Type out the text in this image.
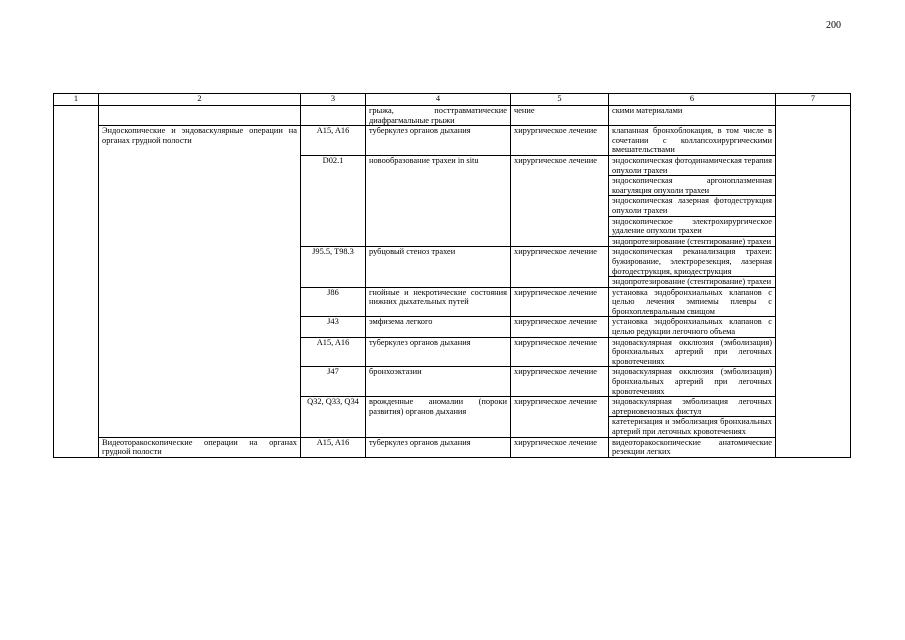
200
1	2	3	4	5	6	7
			грыжа, посттравматические диафрагмальные грыжи	чение	скими материалами	
	Эндоскопические и эндоваскулярные операции на органах грудной полости	A15, A16	туберкулез органов дыхания	хирургическое лечение	клапанная бронхоблокация, в том числе в сочетании с коллапсохирургическими вмешательствами	
		D02.1	новообразование трахеи in situ	хирургическое лечение	эндоскопическая фотодинамическая терапия опухоли трахеи	
					эндоскопическая аргоноплазменная коагуляция опухоли трахеи	
					эндоскопическая лазерная фотодеструкция опухоли трахеи	
					эндоскопическое электрохирургическое удаление опухоли трахеи	
					эндопротезирование (стентирование) трахеи	
		J95.5, T98.3	рубцовый стеноз трахеи	хирургическое лечение	эндоскопическая реканализация трахеи: бужирование, электрорезекция, лазерная фотодеструкция, криодеструкция	
					эндопротезирование (стентирование) трахеи	
		J86	гнойные и некротические состояния нижних дыхательных путей	хирургическое лечение	установка эндобронхиальных клапанов с целью лечения эмпиемы плевры с бронхоплевральным свищом	
		J43	эмфизема легкого	хирургическое лечение	установка эндобронхиальных клапанов с целью редукции легочного объема	
		A15, A16	туберкулез органов дыхания	хирургическое лечение	эндоваскулярная окклюзия (эмболизация) бронхиальных артерий при легочных кровотечениях	
		J47	бронхоэктазии	хирургическое лечение	эндоваскулярная окклюзия (эмболизация) бронхиальных артерий при легочных кровотечениях	
		Q32, Q33, Q34	врожденные аномалии (пороки развития) органов дыхания	хирургическое лечение	эндоваскулярная эмболизация легочных артериовенозных фистул	
					катетеризация и эмболизация бронхиальных артерий при легочных кровотечениях	
	Видеоторакоскопические операции на органах грудной полости	A15, A16	туберкулез органов дыхания	хирургическое лечение	видеоторакоскопические анатомические резекции легких	
